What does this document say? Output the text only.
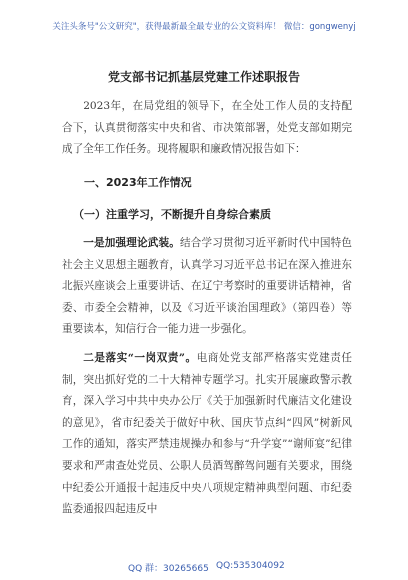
关注头条号"公文研究"，获得最新最全最专业的公文资料库！ 微信：gongwenyj
党支部书记抓基层党建工作述职报告

2023年，在局党组的领导下，在全处工作人员的支持配合下，认真贯彻落实中央和省、市决策部署，处党支部如期完成了全年工作任务。现将履职和廉政情况报告如下：

一、2023年工作情况

（一）注重学习，不断提升自身综合素质

一是加强理论武装。结合学习贯彻习近平新时代中国特色社会主义思想主题教育，认真学习习近平总书记在深入推进东北振兴座谈会上重要讲话、在辽宁考察时的重要讲话精神，省委、市委全会精神，以及《习近平谈治国理政》（第四卷）等重要读本，知信行合一能力进一步强化。

二是落实“一岗双责”。电商处党支部严格落实党建责任制，突出抓好党的二十大精神专题学习。扎实开展廉政警示教育，深入学习中共中央办公厅《关于加强新时代廉洁文化建设的意见》，省市纪委关于做好中秋、国庆节点纠“四风”树新风工作的通知，落实严禁违规操办和参与“升学宴”“谢师宴”纪律要求和严肃查处党员、公职人员酒驾醉驾问题有关要求，围绕中纪委公开通报十起违反中央八项规定精神典型问题、市纪委监委通报四起违反中

QQ 群：30265665 QQ:535304092
